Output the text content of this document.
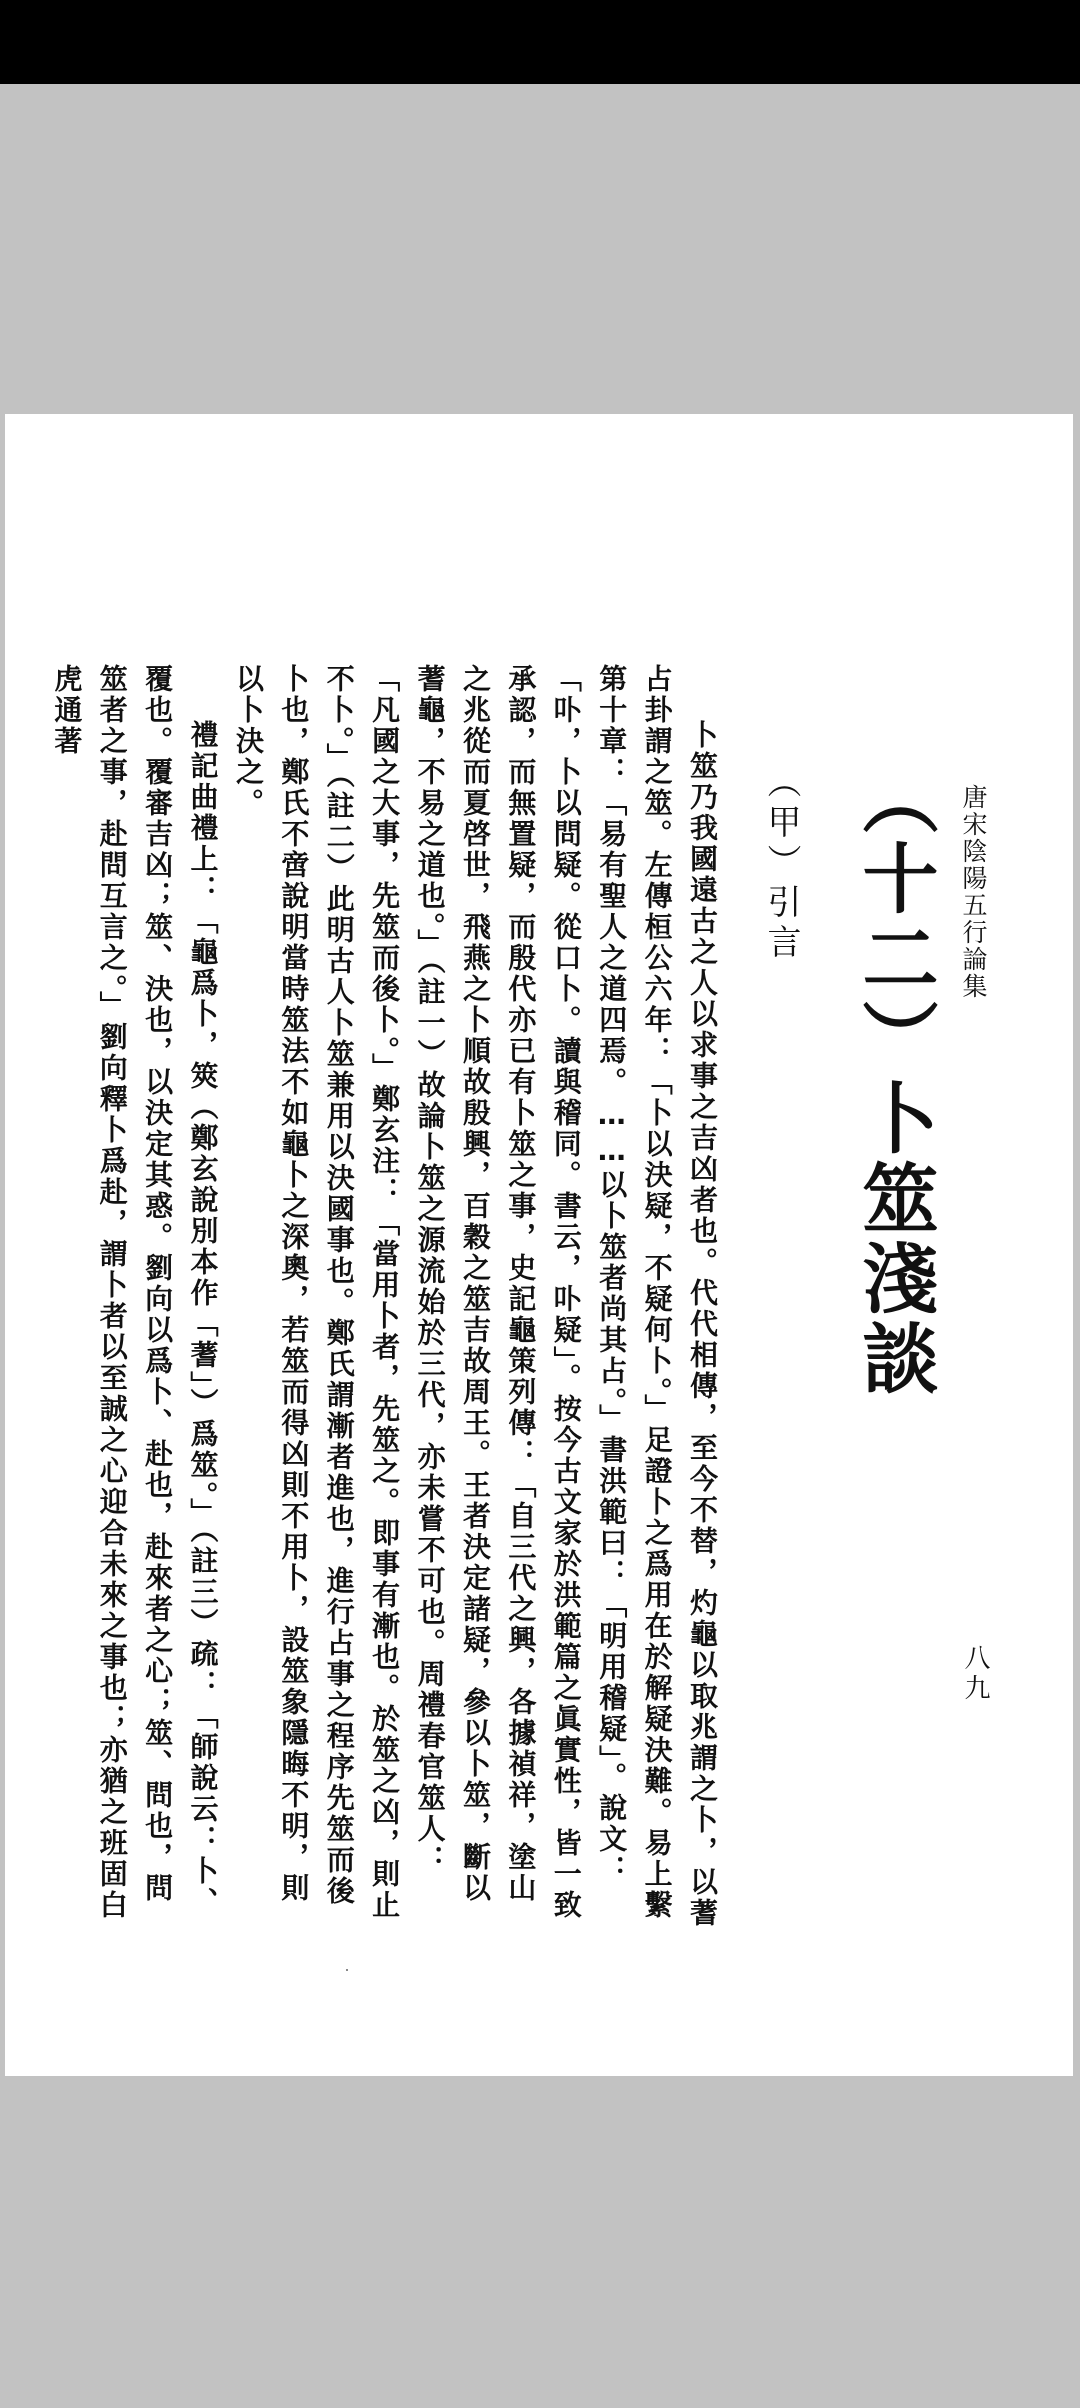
唐宋陰陽五行論集
八九
（十二）卜筮淺談
（甲）引言

卜筮乃我國遠古之人以求事之吉凶者也。代代相傳，至今不替，灼龜以取兆謂之卜，以蓍占卦謂之筮。左傳桓公六年：「卜以決疑，不疑何卜。」足證卜之爲用在於解疑決難。易上繫第十章：「易有聖人之道四焉。……以卜筮者尚其占。」書洪範曰：「明用稽疑」。說文：「卟，卜以問疑。從口卜。讀與稽同。書云，卟疑」。按今古文家於洪範篇之眞實性，皆一致承認，而無置疑，而殷代亦已有卜筮之事，史記龜策列傳：「自三代之興，各據禎祥，塗山之兆從而夏啓世，飛燕之卜順故殷興，百穀之筮吉故周王。王者決定諸疑，參以卜筮，斷以蓍龜，不易之道也。」（註一）故論卜筮之源流始於三代，亦未嘗不可也。周禮春官筮人：「凡國之大事，先筮而後卜。」鄭玄注：「當用卜者，先筮之。即事有漸也。於筮之凶，則止不卜。」（註二）此明古人卜筮兼用以決國事也。鄭氏謂漸者進也，進行占事之程序先筮而後卜也，鄭氏不啻說明當時筮法不如龜卜之深奧，若筮而得凶則不用卜，設筮象隱晦不明，則以卜決之。

禮記曲禮上：「龜爲卜，筴（鄭玄說別本作「蓍」）爲筮。」（註三）疏：「師說云：卜、覆也。覆審吉凶；筮、決也，以決定其惑。劉向以爲卜、赴也，赴來者之心；筮、問也，問筮者之事，赴問互言之。」劉向釋卜爲赴，謂卜者以至誠之心迎合未來之事也；亦猶之班固白虎通著
